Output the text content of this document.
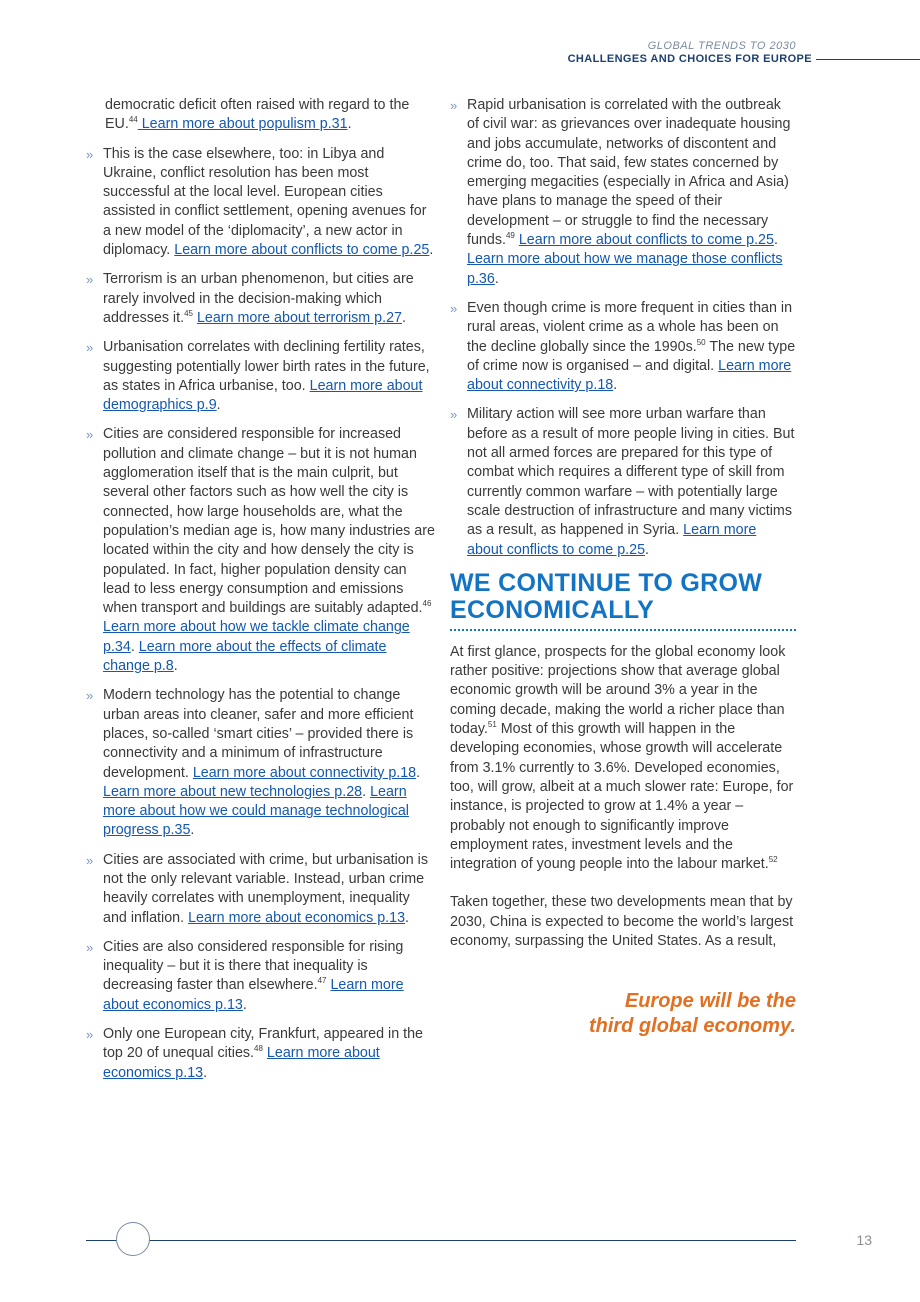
GLOBAL TRENDS TO 2030
CHALLENGES AND CHOICES FOR EUROPE

democratic deficit often raised with regard to the EU.$^{44}$ Learn more about populism p.31.

» This is the case elsewhere, too: in Libya and Ukraine, conflict resolution has been most successful at the local level. European cities assisted in conflict settlement, opening avenues for a new model of the ‘diplomacity’, a new actor in diplomacy. Learn more about conflicts to come p.25.

» Terrorism is an urban phenomenon, but cities are rarely involved in the decision-making which addresses it.$^{45}$ Learn more about terrorism p.27.

» Urbanisation correlates with declining fertility rates, suggesting potentially lower birth rates in the future, as states in Africa urbanise, too. Learn more about demographics p.9.

» Cities are considered responsible for increased pollution and climate change – but it is not human agglomeration itself that is the main culprit, but several other factors such as how well the city is connected, how large households are, what the population’s median age is, how many industries are located within the city and how densely the city is populated. In fact, higher population density can lead to less energy consumption and emissions when transport and buildings are suitably adapted.$^{46}$ Learn more about how we tackle climate change p.34. Learn more about the effects of climate change p.8.

» Modern technology has the potential to change urban areas into cleaner, safer and more efficient places, so-called ‘smart cities’ – provided there is connectivity and a minimum of infrastructure development. Learn more about connectivity p.18. Learn more about new technologies p.28. Learn more about how we could manage technological progress p.35.

» Cities are associated with crime, but urbanisation is not the only relevant variable. Instead, urban crime heavily correlates with unemployment, inequality and inflation. Learn more about economics p.13.

» Cities are also considered responsible for rising inequality – but it is there that inequality is decreasing faster than elsewhere.$^{47}$ Learn more about economics p.13.

» Only one European city, Frankfurt, appeared in the top 20 of unequal cities.$^{48}$ Learn more about economics p.13.

» Rapid urbanisation is correlated with the outbreak of civil war: as grievances over inadequate housing and jobs accumulate, networks of discontent and crime do, too. That said, few states concerned by emerging megacities (especially in Africa and Asia) have plans to manage the speed of their development – or struggle to find the necessary funds.$^{49}$ Learn more about conflicts to come p.25. Learn more about how we manage those conflicts p.36.

» Even though crime is more frequent in cities than in rural areas, violent crime as a whole has been on the decline globally since the 1990s.$^{50}$ The new type of crime now is organised – and digital. Learn more about connectivity p.18.

» Military action will see more urban warfare than before as a result of more people living in cities. But not all armed forces are prepared for this type of combat which requires a different type of skill from currently common warfare – with potentially large scale destruction of infrastructure and many victims as a result, as happened in Syria. Learn more about conflicts to come p.25.

WE CONTINUE TO GROW ECONOMICALLY

At first glance, prospects for the global economy look rather positive: projections show that average global economic growth will be around 3% a year in the coming decade, making the world a richer place than today.$^{51}$ Most of this growth will happen in the developing economies, whose growth will accelerate from 3.1% currently to 3.6%. Developed economies, too, will grow, albeit at a much slower rate: Europe, for instance, is projected to grow at 1.4% a year – probably not enough to significantly improve employment rates, investment levels and the integration of young people into the labour market.$^{52}$

Taken together, these two developments mean that by 2030, China is expected to become the world’s largest economy, surpassing the United States. As a result,

Europe will be the
third global economy.
13
